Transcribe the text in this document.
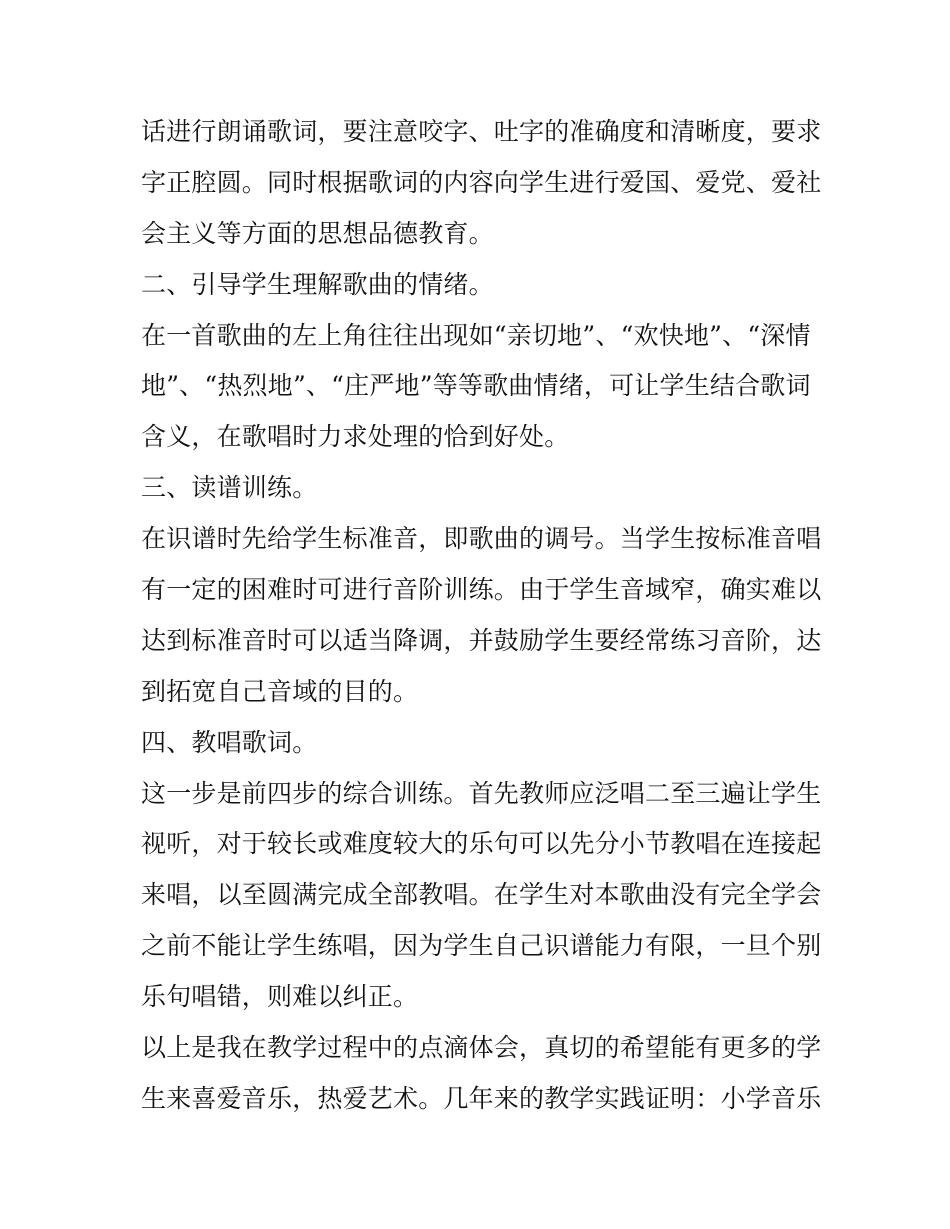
话进行朗诵歌词，要注意咬字、吐字的准确度和清晰度，要求
字正腔圆。同时根据歌词的内容向学生进行爱国、爱党、爱社
会主义等方面的思想品德教育。
二、引导学生理解歌曲的情绪。
在一首歌曲的左上角往往出现如“亲切地”、“欢快地”、“深情
地”、“热烈地”、“庄严地”等等歌曲情绪，可让学生结合歌词
含义，在歌唱时力求处理的恰到好处。
三、读谱训练。
在识谱时先给学生标准音，即歌曲的调号。当学生按标准音唱
有一定的困难时可进行音阶训练。由于学生音域窄，确实难以
达到标准音时可以适当降调，并鼓励学生要经常练习音阶，达
到拓宽自己音域的目的。
四、教唱歌词。
这一步是前四步的综合训练。首先教师应泛唱二至三遍让学生
视听，对于较长或难度较大的乐句可以先分小节教唱在连接起
来唱，以至圆满完成全部教唱。在学生对本歌曲没有完全学会
之前不能让学生练唱，因为学生自己识谱能力有限，一旦个别
乐句唱错，则难以纠正。
以上是我在教学过程中的点滴体会，真切的希望能有更多的学
生来喜爱音乐，热爱艺术。几年来的教学实践证明：小学音乐
